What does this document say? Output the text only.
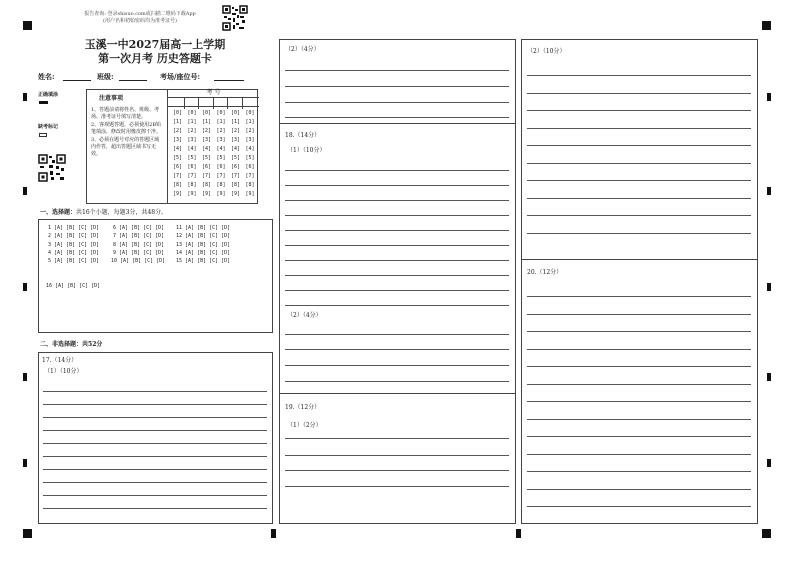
报告查询: 登录shisuo.com或扫描二维码下载App
(用户名和初始密码均为准考证号)
玉溪一中2027届高一上学期
第一次月考 历史答题卡
姓名:	班级:	考场/座位号:
正确填涂
缺考标记
注意事项
1、答题前请将姓名、班级、考场、准考证号填写清楚。
2、客观题答题，必须使用2B铅笔填涂，修改时用橡皮擦干净。
3、必须在题号对应的答题区域内作答，超出答题区域书写无效。
考 号
[0]
[1]
[2]
[3]
[4]
[5]
[6]
[7]
[8]
[9]
[0]
[1]
[2]
[3]
[4]
[5]
[6]
[7]
[8]
[9]
[0]
[1]
[2]
[3]
[4]
[5]
[6]
[7]
[8]
[9]
[0]
[1]
[2]
[3]
[4]
[5]
[6]
[7]
[8]
[9]
[0]
[1]
[2]
[3]
[4]
[5]
[6]
[7]
[8]
[9]
[0]
[1]
[2]
[3]
[4]
[5]
[6]
[7]
[8]
[9]
一、选择题：共16个小题，每题3分，共48分。
1 [A] [B] [C] [D]
2 [A] [B] [C] [D]
3 [A] [B] [C] [D]
4 [A] [B] [C] [D]
5 [A] [B] [C] [D]
6 [A] [B] [C] [D]
7 [A] [B] [C] [D]
8 [A] [B] [C] [D]
9 [A] [B] [C] [D]
10 [A] [B] [C] [D]
11 [A] [B] [C] [D]
12 [A] [B] [C] [D]
13 [A] [B] [C] [D]
14 [A] [B] [C] [D]
15 [A] [B] [C] [D]
16 [A] [B] [C] [D]
二、非选择题：共52分
17.（14分）
（1）（10分）
（2）（4分）
18.（14分）
（1）（10分）
（2）（4分）
19.（12分）
（1）（2分）
（2）（10分）
20.（12分）
